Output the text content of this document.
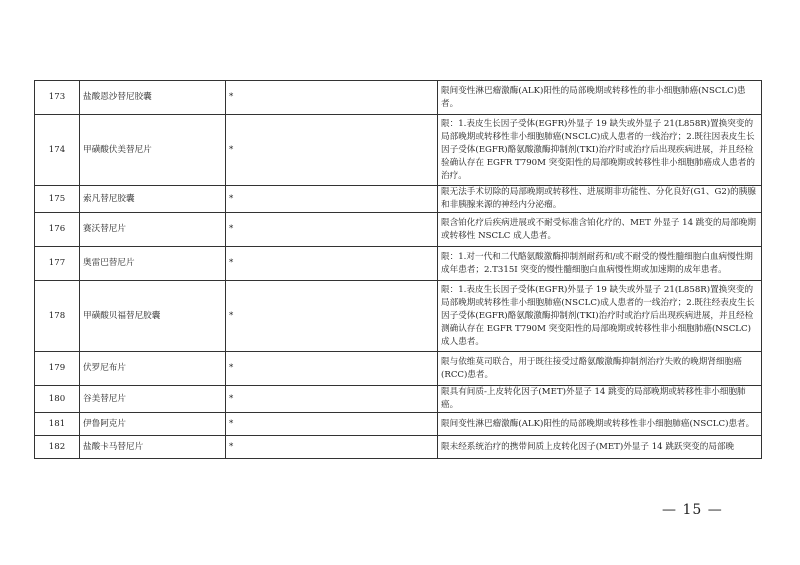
173	盐酸恩沙替尼胶囊	*	限间变性淋巴瘤激酶(ALK)阳性的局部晚期或转移性的非小细胞肺癌(NSCLC)患者。
174	甲磺酸伏美替尼片	*	限：1.表皮生长因子受体(EGFR)外显子 19 缺失或外显子 21(L858R)置换突变的局部晚期或转移性非小细胞肺癌(NSCLC)成人患者的一线治疗；2.既往因表皮生长因子受体(EGFR)酪氨酸激酶抑制剂(TKI)治疗时或治疗后出现疾病进展，并且经检验确认存在 EGFR T790M 突变阳性的局部晚期或转移性非小细胞肺癌成人患者的治疗。
175	索凡替尼胶囊	*	限无法手术切除的局部晚期或转移性、进展期非功能性、分化良好(G1、G2)的胰腺和非胰腺来源的神经内分泌瘤。
176	赛沃替尼片	*	限含铂化疗后疾病进展或不耐受标准含铂化疗的、MET 外显子 14 跳变的局部晚期或转移性 NSCLC 成人患者。
177	奥雷巴替尼片	*	限：1.对一代和二代酪氨酸激酶抑制剂耐药和/或不耐受的慢性髓细胞白血病慢性期成年患者；2.T315I 突变的慢性髓细胞白血病慢性期或加速期的成年患者。
178	甲磺酸贝福替尼胶囊	*	限：1.表皮生长因子受体(EGFR)外显子 19 缺失或外显子 21(L858R)置换突变的局部晚期或转移性非小细胞肺癌(NSCLC)成人患者的一线治疗；2.既往经表皮生长因子受体(EGFR)酪氨酸激酶抑制剂(TKI)治疗时或治疗后出现疾病进展，并且经检测确认存在 EGFR T790M 突变阳性的局部晚期或转移性非小细胞肺癌(NSCLC)成人患者。
179	伏罗尼布片	*	限与依维莫司联合，用于既往接受过酪氨酸激酶抑制剂治疗失败的晚期肾细胞癌(RCC)患者。
180	谷美替尼片	*	限具有间质-上皮转化因子(MET)外显子 14 跳变的局部晚期或转移性非小细胞肺癌。
181	伊鲁阿克片	*	限间变性淋巴瘤激酶(ALK)阳性的局部晚期或转移性非小细胞肺癌(NSCLC)患者。
182	盐酸卡马替尼片	*	限未经系统治疗的携带间质上皮转化因子(MET)外显子 14 跳跃突变的局部晚
— 15 —
